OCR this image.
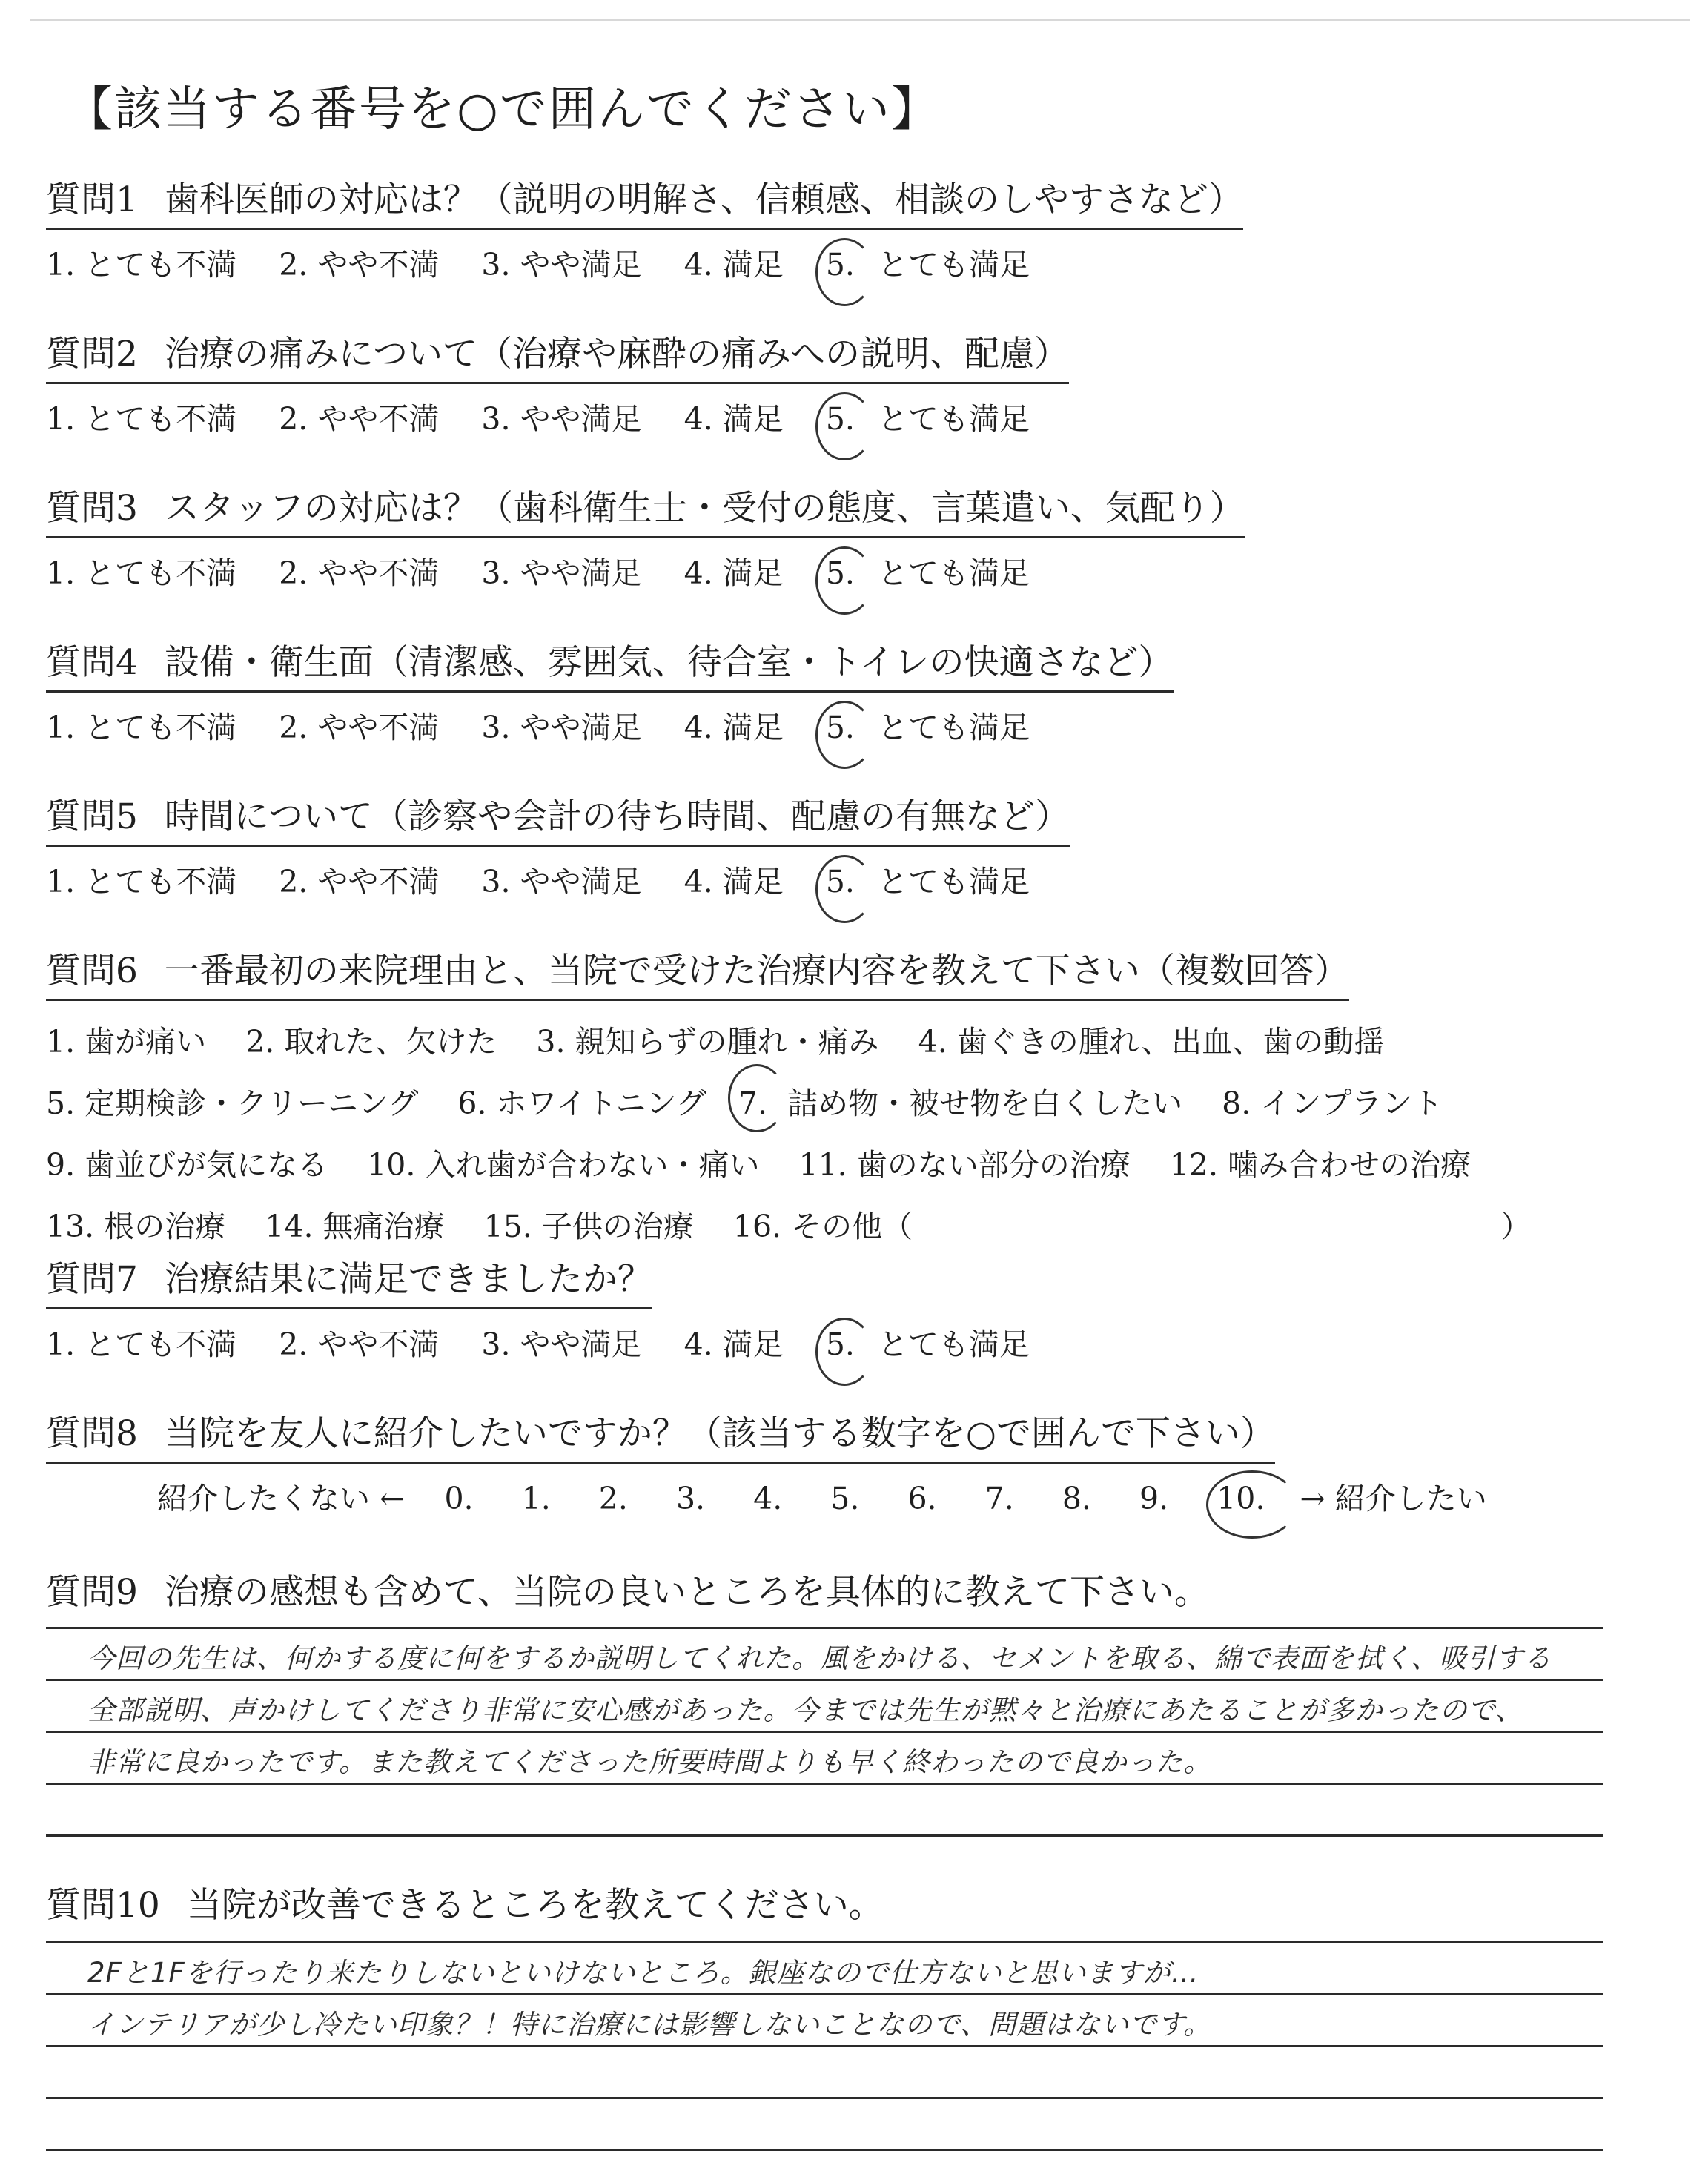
【該当する番号を○で囲んでください】
質問1 歯科医師の対応は？（説明の明解さ、信頼感、相談のしやすさなど）
1. とても不満 2. やや不満 3. やや満足 4. 満足 5. とても満足
質問2 治療の痛みについて（治療や麻酔の痛みへの説明、配慮）
1. とても不満 2. やや不満 3. やや満足 4. 満足 5. とても満足
質問3 スタッフの対応は？（歯科衛生士・受付の態度、言葉遣い、気配り）
1. とても不満 2. やや不満 3. やや満足 4. 満足 5. とても満足
質問4 設備・衛生面（清潔感、雰囲気、待合室・トイレの快適さなど）
1. とても不満 2. やや不満 3. やや満足 4. 満足 5. とても満足
質問5 時間について（診察や会計の待ち時間、配慮の有無など）
1. とても不満 2. やや不満 3. やや満足 4. 満足 5. とても満足
質問6 一番最初の来院理由と、当院で受けた治療内容を教えて下さい（複数回答）
1. 歯が痛い 2. 取れた、欠けた 3. 親知らずの腫れ・痛み 4. 歯ぐきの腫れ、出血、歯の動揺
5. 定期検診・クリーニング 6. ホワイトニング 7. 詰め物・被せ物を白くしたい 8. インプラント
9. 歯並びが気になる 10. 入れ歯が合わない・痛い 11. 歯のない部分の治療 12. 噛み合わせの治療
13. 根の治療 14. 無痛治療 15. 子供の治療 16. その他（	）
質問7 治療結果に満足できましたか？
1. とても不満 2. やや不満 3. やや満足 4. 満足 5. とても満足
質問8 当院を友人に紹介したいですか？（該当する数字を○で囲んで下さい）
紹介したくない ← 0. 1. 2. 3. 4. 5. 6. 7. 8. 9. 10. → 紹介したい
質問9 治療の感想も含めて、当院の良いところを具体的に教えて下さい。
今回の先生は、何かする度に何をするか説明してくれた。風をかける、セメントを取る、綿で表面を拭く、吸引する
全部説明、声かけしてくださり非常に安心感があった。今までは先生が黙々と治療にあたることが多かったので、
非常に良かったです。また教えてくださった所要時間よりも早く終わったので良かった。
質問10 当院が改善できるところを教えてください。
2Fと1Fを行ったり来たりしないといけないところ。銀座なので仕方ないと思いますが…
インテリアが少し冷たい印象？！特に治療には影響しないことなので、問題はないです。
